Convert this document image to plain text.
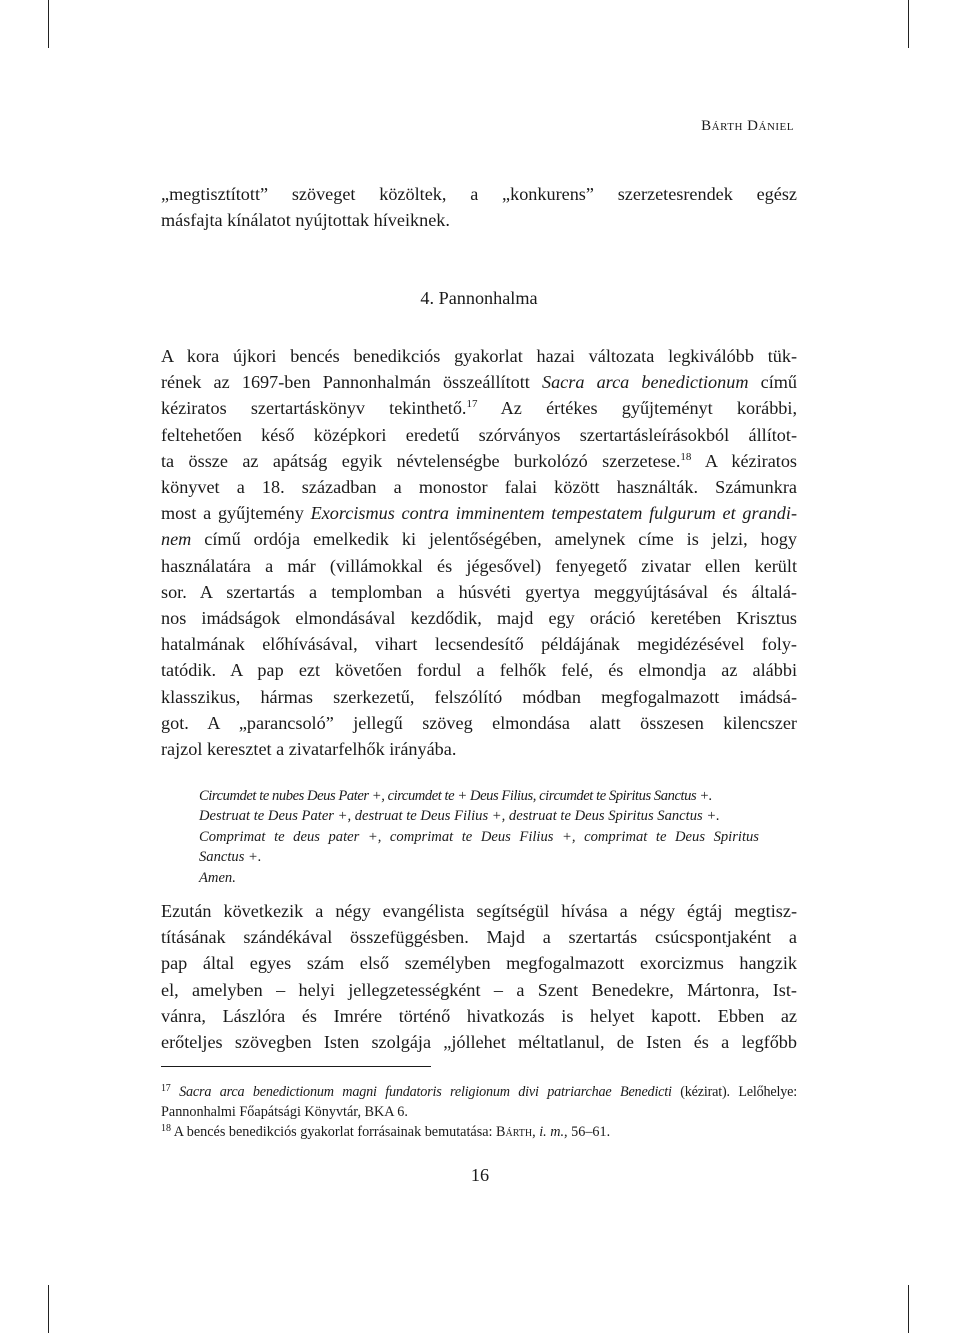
Bárth Dániel

„megtisztított” szöveget közöltek, a „konkurens” szerzetesrendek egész
másfajta kínálatot nyújtottak híveiknek.

4. Pannonhalma

A kora újkori bencés benedikciós gyakorlat hazai változata legkiválóbb tük-
rének az 1697-ben Pannonhalmán összeállított Sacra arca benedictionum című
kéziratos szertartáskönyv tekinthető.$^{17}$ Az értékes gyűjteményt korábbi,
feltehetően késő középkori eredetű szórványos szertartásleírásokból állítot-
ta össze az apátság egyik névtelenségbe burkolózó szerzetese.$^{18}$ A kéziratos
könyvet a 18. században a monostor falai között használták. Számunkra
most a gyűjtemény Exorcismus contra imminentem tempestatem fulgurum et grandi-
nem című ordója emelkedik ki jelentőségében, amelynek címe is jelzi, hogy
használatára a már (villámokkal és jégesővel) fenyegető zivatar ellen került
sor. A szertartás a templomban a húsvéti gyertya meggyújtásával és általá-
nos imádságok elmondásával kezdődik, majd egy oráció keretében Krisztus
hatalmának előhívásával, vihart lecsendesítő példájának megidézésével foly-
tatódik. A pap ezt követően fordul a felhők felé, és elmondja az alábbi
klasszikus, hármas szerkezetű, felszólító módban megfogalmazott imádsá-
got. A „parancsoló” jellegű szöveg elmondása alatt összesen kilencszer
rajzol keresztet a zivatarfelhők irányába.

Circumdet te nubes Deus Pater +, circumdet te + Deus Filius, circumdet te Spiritus Sanctus +.
Destruat te Deus Pater +, destruat te Deus Filius +, destruat te Deus Spiritus Sanctus +.
Comprimat te deus pater +, comprimat te Deus Filius +, comprimat te Deus Spiritus
Sanctus +.
Amen.

Ezután következik a négy evangélista segítségül hívása a négy égtáj megtisz-
tításának szándékával összefüggésben. Majd a szertartás csúcspontjaként a
pap által egyes szám első személyben megfogalmazott exorcizmus hangzik
el, amelyben – helyi jellegzetességként – a Szent Benedekre, Mártonra, Ist-
vánra, Lászlóra és Imrére történő hivatkozás is helyet kapott. Ebben az
erőteljes szövegben Isten szolgája „jóllehet méltatlanul, de Isten és a legfőbb

$^{17}$ Sacra arca benedictionum magni fundatoris religionum divi patriarchae Benedicti (kézirat). Lelőhelye:
Pannonhalmi Főapátsági Könyvtár, BKA 6.
$^{18}$ A bencés benedikciós gyakorlat forrásainak bemutatása: Bárth, i. m., 56–61.
16
